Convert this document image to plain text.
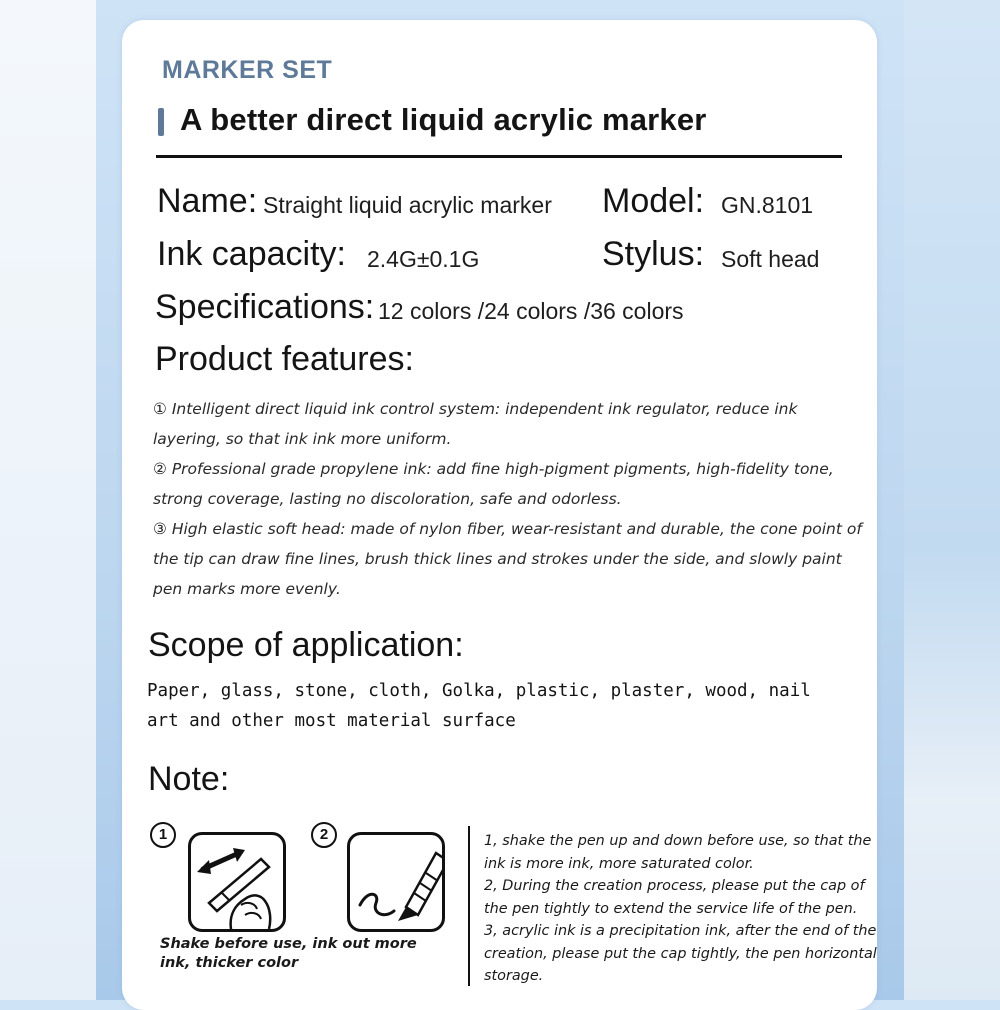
MARKER SET
A better direct liquid acrylic marker
Name: Straight liquid acrylic marker Model: GN.8101
Ink capacity: 2.4G±0.1G	Stylus: Soft head
Specifications: 12 colors /24 colors /36 colors
Product features:

① Intelligent direct liquid ink control system: independent ink regulator, reduce ink layering, so that ink ink more uniform.

② Professional grade propylene ink: add fine high-pigment pigments, high-fidelity tone, strong coverage, lasting no discoloration, safe and odorless.

③ High elastic soft head: made of nylon fiber, wear-resistant and durable, the cone point of the tip can draw fine lines, brush thick lines and strokes under the side, and slowly paint pen marks more evenly.

Scope of application:
Paper, glass, stone, cloth, Golka, plastic, plaster, wood, nail art and other most material surface
Note:
1	2
Shake before use, ink out more ink, thicker color

1, shake the pen up and down before use, so that the ink is more ink, more saturated color.

2, During the creation process, please put the cap of the pen tightly to extend the service life of the pen.

3, acrylic ink is a precipitation ink, after the end of the creation, please put the cap tightly, the pen horizontal storage.
